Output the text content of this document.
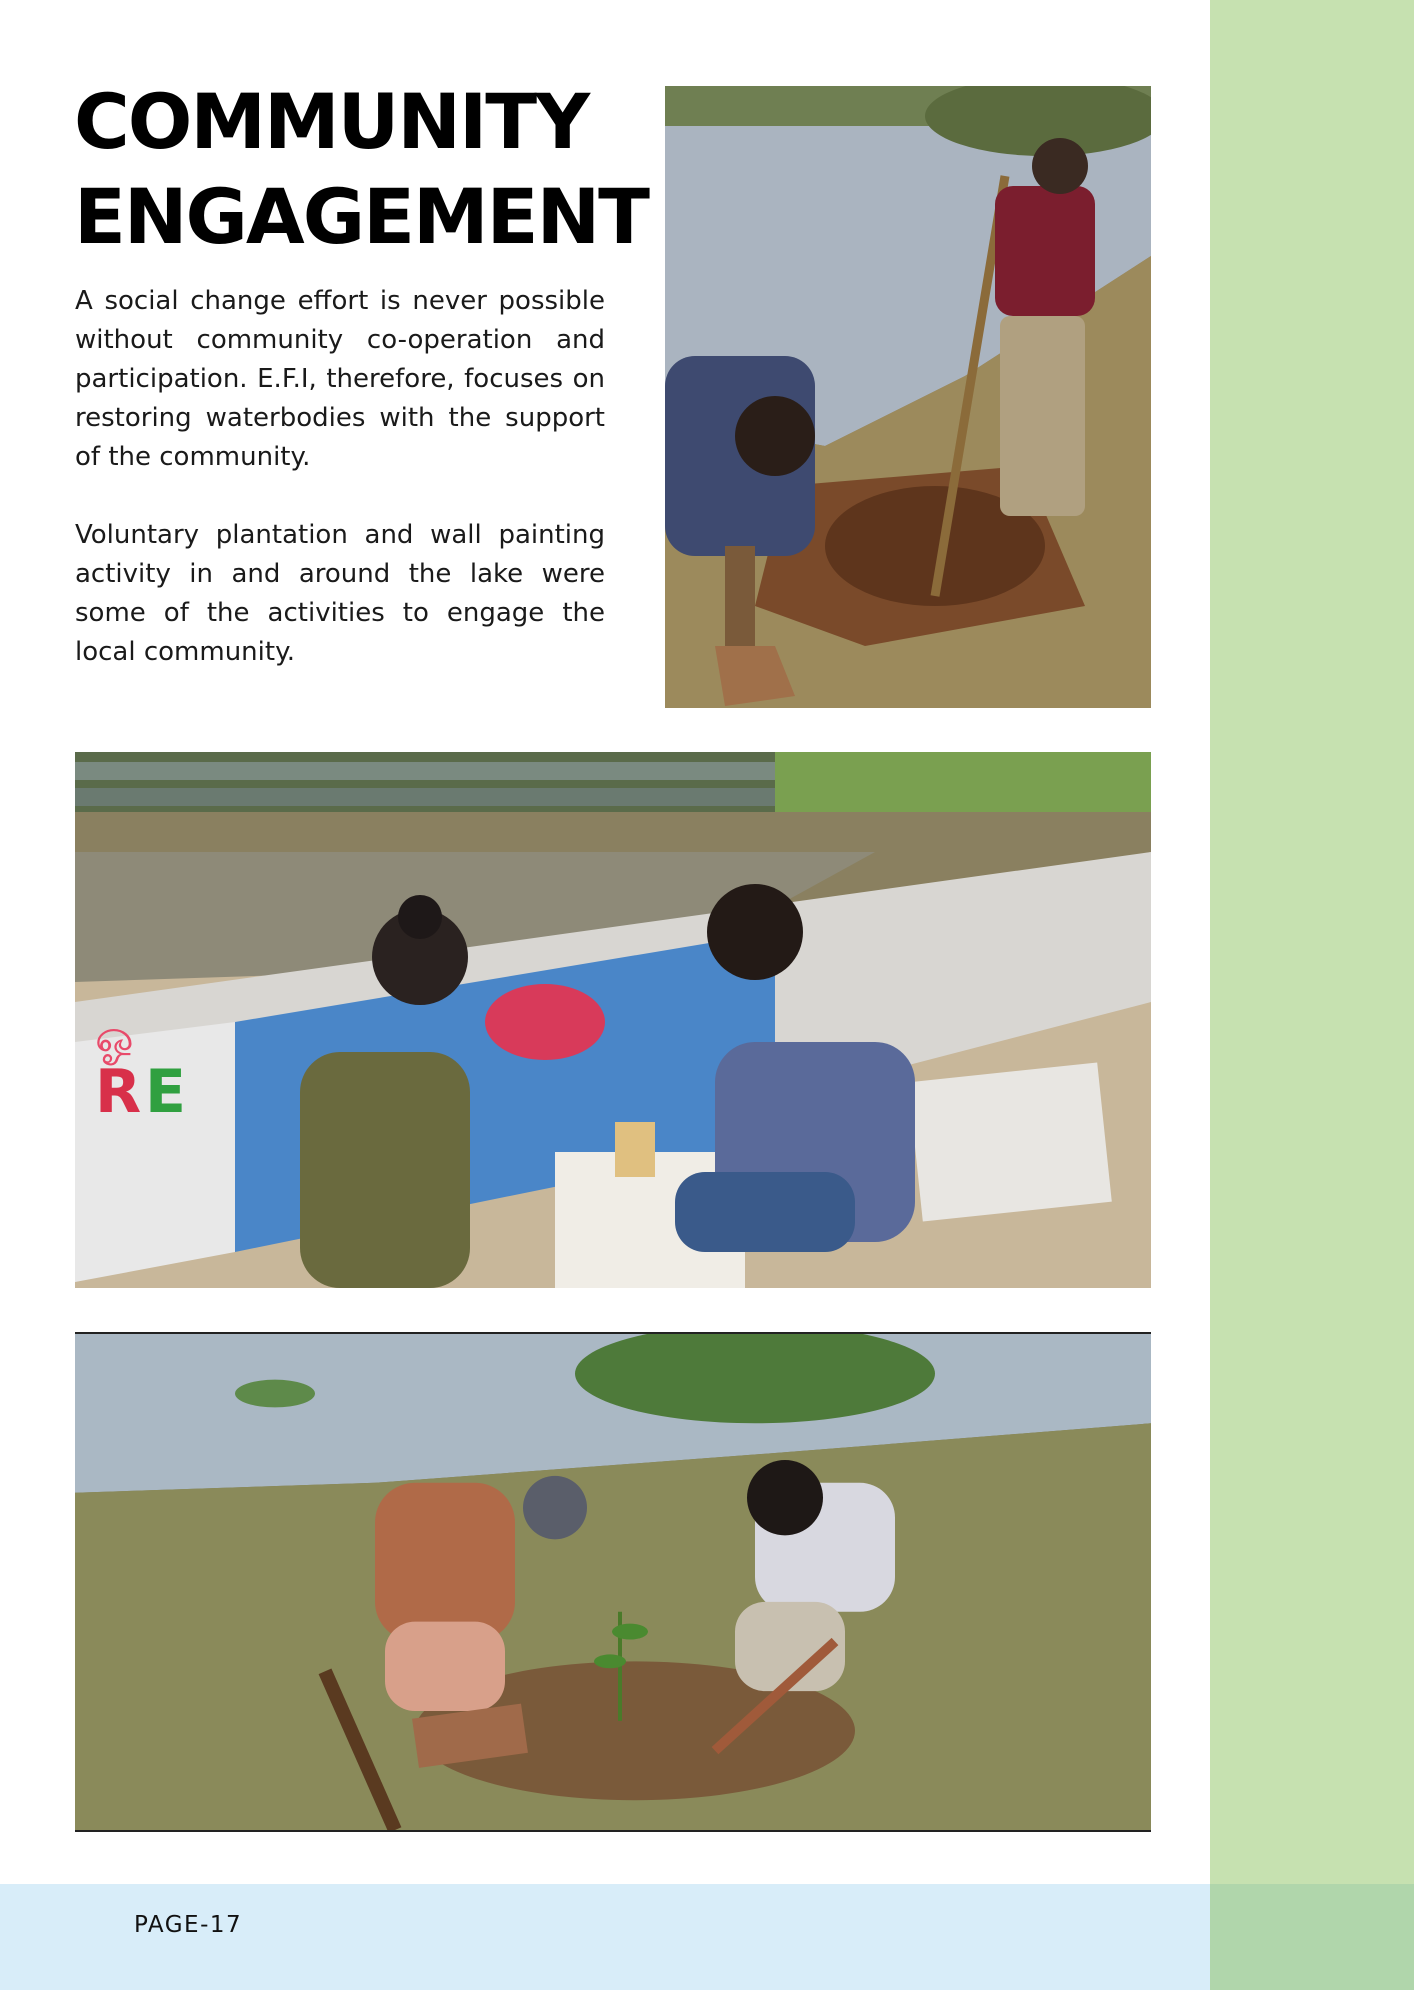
PAGE-17
COMMUNITY
ENGAGEMENT

A social change effort is never possible without community co-operation and participation. E.F.I, therefore, focuses on restoring waterbodies with the support of the community.

Voluntary plantation and wall painting activity in and around the lake were some of the activities to engage the local community.

ஓ
R E
